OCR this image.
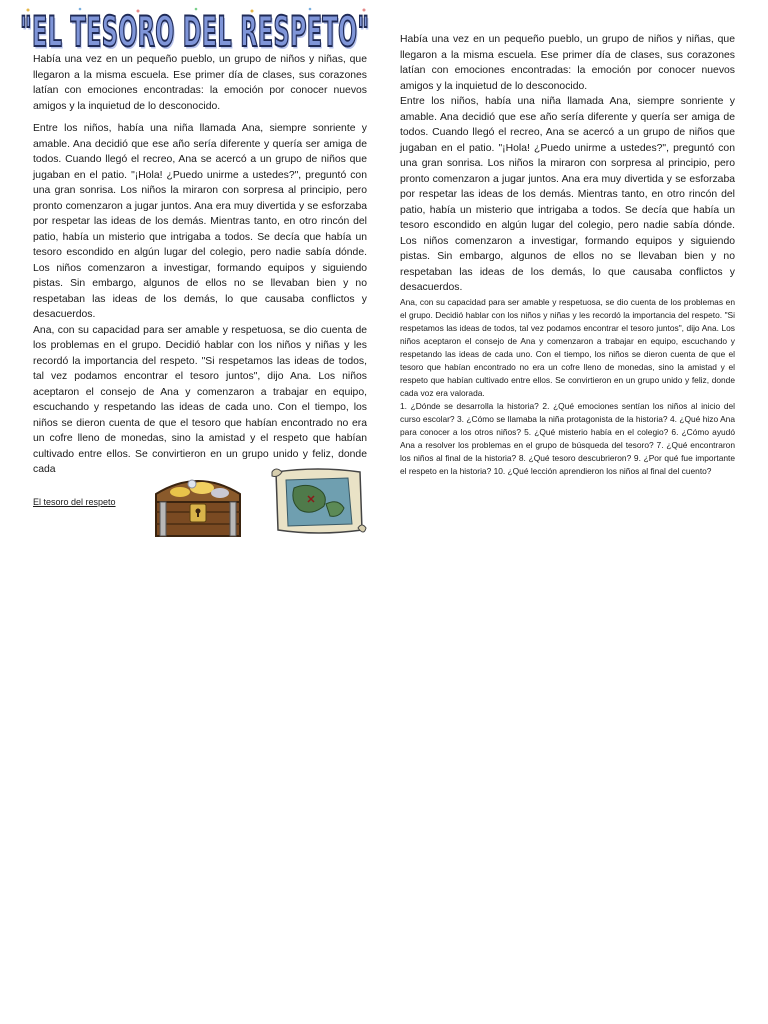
"EL TESORO DEL RESPETO"

Había una vez en un pequeño pueblo, un grupo de niños y niñas, que llegaron a la misma escuela. Ese primer día de clases, sus corazones latían con emociones encontradas: la emoción por conocer nuevos amigos y la inquietud de lo desconocido.

Entre los niños, había una niña llamada Ana, siempre sonriente y amable. Ana decidió que ese año sería diferente y quería ser amiga de todos. Cuando llegó el recreo, Ana se acercó a un grupo de niños que jugaban en el patio. "¡Hola! ¿Puedo unirme a ustedes?", preguntó con una gran sonrisa. Los niños la miraron con sorpresa al principio, pero pronto comenzaron a jugar juntos. Ana era muy divertida y se esforzaba por respetar las ideas de los demás. Mientras tanto, en otro rincón del patio, había un misterio que intrigaba a todos. Se decía que había un tesoro escondido en algún lugar del colegio, pero nadie sabía dónde. Los niños comenzaron a investigar, formando equipos y siguiendo pistas. Sin embargo, algunos de ellos no se llevaban bien y no respetaban las ideas de los demás, lo que causaba conflictos y desacuerdos.

Ana, con su capacidad para ser amable y respetuosa, se dio cuenta de los problemas en el grupo. Decidió hablar con los niños y niñas y les recordó la importancia del respeto. "Si respetamos las ideas de todos, tal vez podamos encontrar el tesoro juntos", dijo Ana. Los niños aceptaron el consejo de Ana y comenzaron a trabajar en equipo, escuchando y respetando las ideas de cada uno. Con el tiempo, los niños se dieron cuenta de que el tesoro que habían encontrado no era un cofre lleno de monedas, sino la amistad y el respeto que habían cultivado entre ellos. Se convirtieron en un grupo unido y feliz, donde cada

El tesoro del respeto

Había una vez en un pequeño pueblo, un grupo de niños y niñas, que llegaron a la misma escuela. Ese primer día de clases, sus corazones latían con emociones encontradas: la emoción por conocer nuevos amigos y la inquietud de lo desconocido.

Entre los niños, había una niña llamada Ana, siempre sonriente y amable. Ana decidió que ese año sería diferente y quería ser amiga de todos. Cuando llegó el recreo, Ana se acercó a un grupo de niños que jugaban en el patio. "¡Hola! ¿Puedo unirme a ustedes?", preguntó con una gran sonrisa. Los niños la miraron con sorpresa al principio, pero pronto comenzaron a jugar juntos. Ana era muy divertida y se esforzaba por respetar las ideas de los demás. Mientras tanto, en otro rincón del patio, había un misterio que intrigaba a todos. Se decía que había un tesoro escondido en algún lugar del colegio, pero nadie sabía dónde. Los niños comenzaron a investigar, formando equipos y siguiendo pistas. Sin embargo, algunos de ellos no se llevaban bien y no respetaban las ideas de los demás, lo que causaba conflictos y desacuerdos.

Ana, con su capacidad para ser amable y respetuosa, se dio cuenta de los problemas en el grupo. Decidió hablar con los niños y niñas y les recordó la importancia del respeto. "Si respetamos las ideas de todos, tal vez podamos encontrar el tesoro juntos", dijo Ana. Los niños aceptaron el consejo de Ana y comenzaron a trabajar en equipo, escuchando y respetando las ideas de cada uno. Con el tiempo, los niños se dieron cuenta de que el tesoro que habían encontrado no era un cofre lleno de monedas, sino la amistad y el respeto que habían cultivado entre ellos. Se convirtieron en un grupo unido y feliz, donde cada voz era valorada.

1. ¿Dónde se desarrolla la historia? 2. ¿Qué emociones sentían los niños al inicio del curso escolar? 3. ¿Cómo se llamaba la niña protagonista de la historia? 4. ¿Qué hizo Ana para conocer a los otros niños? 5. ¿Qué misterio había en el colegio? 6. ¿Cómo ayudó Ana a resolver los problemas en el grupo de búsqueda del tesoro? 7. ¿Qué encontraron los niños al final de la historia? 8. ¿Qué tesoro descubrieron? 9. ¿Por qué fue importante el respeto en la historia? 10. ¿Qué lección aprendieron los niños al final del cuento?
